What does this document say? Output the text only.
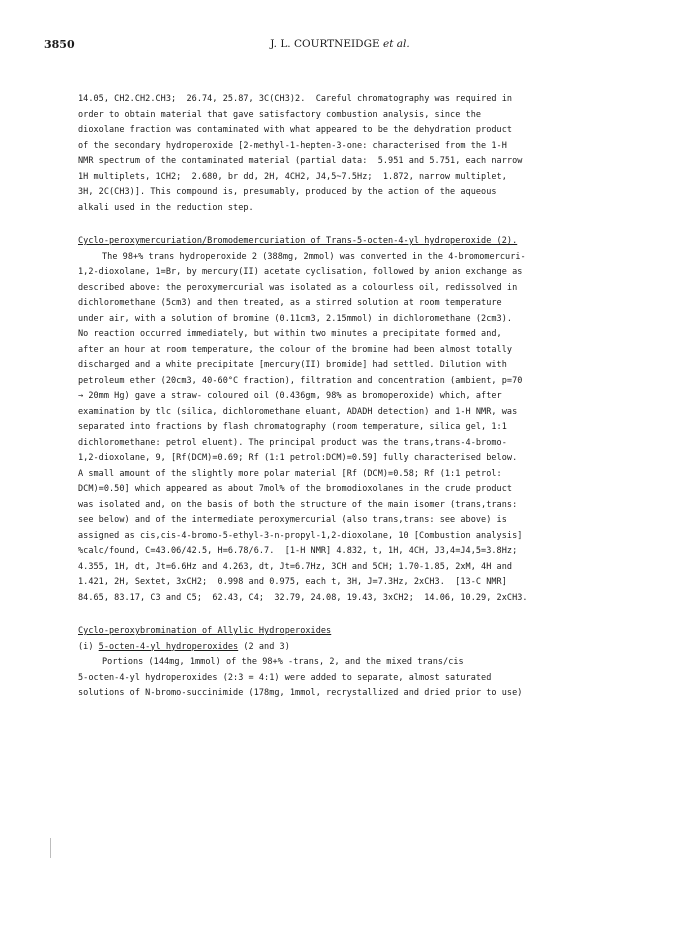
3850	J. L. COURTNEIDGE et al.
14.05, CH2.CH2.CH3;  26.74, 25.87, 3C(CH3)2.  Careful chromatography was required in
order to obtain material that gave satisfactory combustion analysis, since the
dioxolane fraction was contaminated with what appeared to be the dehydration product
of the secondary hydroperoxide [2-methyl-1-hepten-3-one: characterised from the 1-H
NMR spectrum of the contaminated material (partial data:  5.951 and 5.751, each narrow
1H multiplets, 1CH2;  2.680, br dd, 2H, 4CH2, J4,5~7.5Hz;  1.872, narrow multiplet,
3H, 2C(CH3)]. This compound is, presumably, produced by the action of the aqueous
alkali used in the reduction step.
Cyclo-peroxymercuriation/Bromodemercuriation of Trans-5-octen-4-yl hydroperoxide (2).
The 98+% trans hydroperoxide 2 (388mg, 2mmol) was converted in the 4-bromomercuri-
1,2-dioxolane, 1=Br, by mercury(II) acetate cyclisation, followed by anion exchange as
described above: the peroxymercurial was isolated as a colourless oil, redissolved in
dichloromethane (5cm3) and then treated, as a stirred solution at room temperature
under air, with a solution of bromine (0.11cm3, 2.15mmol) in dichloromethane (2cm3).
No reaction occurred immediately, but within two minutes a precipitate formed and,
after an hour at room temperature, the colour of the bromine had been almost totally
discharged and a white precipitate [mercury(II) bromide] had settled. Dilution with
petroleum ether (20cm3, 40-60°C fraction), filtration and concentration (ambient, p=70
→ 20mm Hg) gave a straw- coloured oil (0.436gm, 98% as bromoperoxide) which, after
examination by tlc (silica, dichloromethane eluant, ADADH detection) and 1-H NMR, was
separated into fractions by flash chromatography (room temperature, silica gel, 1:1
dichloromethane: petrol eluent). The principal product was the trans,trans-4-bromo-
1,2-dioxolane, 9, [Rf(DCM)=0.69; Rf (1:1 petrol:DCM)=0.59] fully characterised below.
A small amount of the slightly more polar material [Rf (DCM)=0.58; Rf (1:1 petrol:
DCM)=0.50] which appeared as about 7mol% of the bromodioxolanes in the crude product
was isolated and, on the basis of both the structure of the main isomer (trans,trans:
see below) and of the intermediate peroxymercurial (also trans,trans: see above) is
assigned as cis,cis-4-bromo-5-ethyl-3-n-propyl-1,2-dioxolane, 10 [Combustion analysis]
%calc/found, C=43.06/42.5, H=6.78/6.7.  [1-H NMR] 4.832, t, 1H, 4CH, J3,4=J4,5=3.8Hz;
4.355, 1H, dt, Jt=6.6Hz and 4.263, dt, Jt=6.7Hz, 3CH and 5CH; 1.70-1.85, 2xM, 4H and
1.421, 2H, Sextet, 3xCH2;  0.998 and 0.975, each t, 3H, J=7.3Hz, 2xCH3.  [13-C NMR]
84.65, 83.17, C3 and C5;  62.43, C4;  32.79, 24.08, 19.43, 3xCH2;  14.06, 10.29, 2xCH3.
Cyclo-peroxybromination of Allylic Hydroperoxides
(i) 5-octen-4-yl hydroperoxides (2 and 3)
Portions (144mg, 1mmol) of the 98+% -trans, 2, and the mixed trans/cis
5-octen-4-yl hydroperoxides (2:3 = 4:1) were added to separate, almost saturated
solutions of N-bromo-succinimide (178mg, 1mmol, recrystallized and dried prior to use)
